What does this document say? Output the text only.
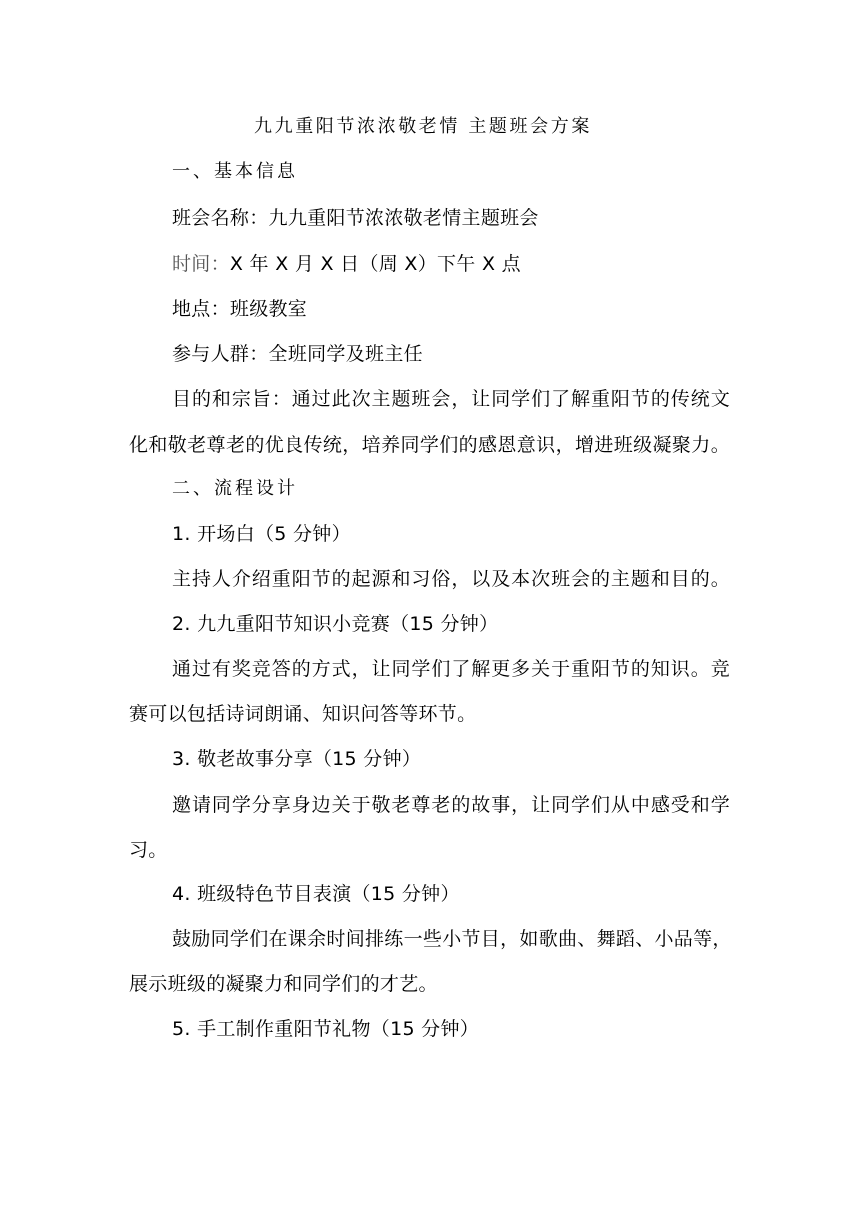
九九重阳节浓浓敬老情 主题班会方案
一、基本信息
班会名称：九九重阳节浓浓敬老情主题班会
时间：X 年 X 月 X 日（周 X）下午 X 点
地点：班级教室
参与人群：全班同学及班主任
目的和宗旨：通过此次主题班会，让同学们了解重阳节的传统文
化和敬老尊老的优良传统，培养同学们的感恩意识，增进班级凝聚力。
二、流程设计
1. 开场白（5 分钟）
主持人介绍重阳节的起源和习俗，以及本次班会的主题和目的。
2. 九九重阳节知识小竞赛（15 分钟）
通过有奖竞答的方式，让同学们了解更多关于重阳节的知识。竞
赛可以包括诗词朗诵、知识问答等环节。
3. 敬老故事分享（15 分钟）
邀请同学分享身边关于敬老尊老的故事，让同学们从中感受和学
习。
4. 班级特色节目表演（15 分钟）
鼓励同学们在课余时间排练一些小节目，如歌曲、舞蹈、小品等，
展示班级的凝聚力和同学们的才艺。
5. 手工制作重阳节礼物（15 分钟）
